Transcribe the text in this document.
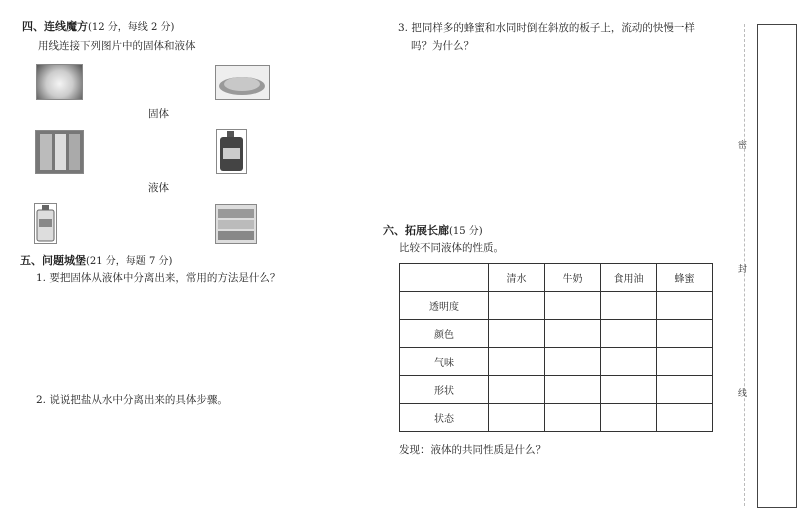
四、连线魔方(12 分，每线 2 分)
用线连接下列图片中的固体和液体
固体
液体
五、问题城堡(21 分，每题 7 分)
1. 要把固体从液体中分离出来，常用的方法是什么？
2. 说说把盐从水中分离出来的具体步骤。
3. 把同样多的蜂蜜和水同时倒在斜放的板子上，流动的快慢一样
吗？为什么？
六、拓展长廊(15 分)
比较不同液体的性质。
	清水	牛奶	食用油	蜂蜜
透明度				
颜色				
气味				
形状				
状态				
发现：液体的共同性质是什么？
密
封
线
